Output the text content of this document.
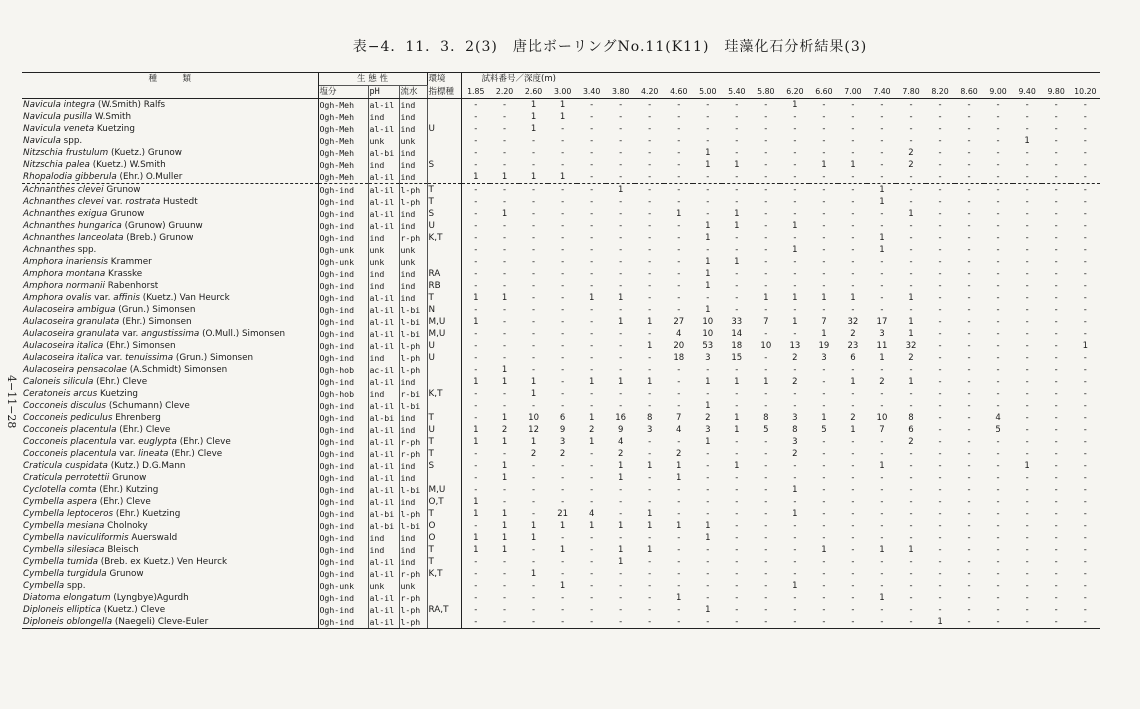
表−4．11．3．2(3)　唐比ボーリングNo.11(K11)　珪藻化石分析結果(3)
4−11−28
種　　　類	生 態 性			環境	試料番号／深度(m)																					
	塩分	pH	流水	指標種	1.85	2.20	2.60	3.00	3.40	3.80	4.20	4.60	5.00	5.40	5.80	6.20	6.60	7.00	7.40	7.80	8.20	8.60	9.00	9.40	9.80	10.20
Navicula integra (W.Smith) Ralfs	Ogh-Meh	al-il	ind		-	-	1	1	-	-	-	-	-	-	-	1	-	-	-	-	-	-	-	-	-	-
Navicula pusilla W.Smith	Ogh-Meh	ind	ind		-	-	1	1	-	-	-	-	-	-	-	-	-	-	-	-	-	-	-	-	-	-
Navicula veneta Kuetzing	Ogh-Meh	al-il	ind	U	-	-	1	-	-	-	-	-	-	-	-	-	-	-	-	-	-	-	-	-	-	-
Navicula spp.	Ogh-Meh	unk	unk		-	-	-	-	-	-	-	-	-	-	-	-	-	-	-	-	-	-	-	1	-	-
Nitzschia frustulum (Kuetz.) Grunow	Ogh-Meh	al-bi	ind		-	-	-	-	-	-	-	-	1	-	-	-	-	-	-	2	-	-	-	-	-	-
Nitzschia palea (Kuetz.) W.Smith	Ogh-Meh	ind	ind	S	-	-	-	-	-	-	-	-	1	1	-	-	1	1	-	2	-	-	-	-	-	-
Rhopalodia gibberula (Ehr.) O.Muller	Ogh-Meh	al-il	ind		1	1	1	1	-	-	-	-	-	-	-	-	-	-	-	-	-	-	-	-	-	-
Achnanthes clevei Grunow	Ogh-ind	al-il	l-ph	T	-	-	-	-	-	1	-	-	-	-	-	-	-	-	1	-	-	-	-	-	-	-
Achnanthes clevei var. rostrata Hustedt	Ogh-ind	al-il	l-ph	T	-	-	-	-	-	-	-	-	-	-	-	-	-	-	1	-	-	-	-	-	-	-
Achnanthes exigua Grunow	Ogh-ind	al-il	ind	S	-	1	-	-	-	-	-	1	-	1	-	-	-	-	-	1	-	-	-	-	-	-
Achnanthes hungarica (Grunow) Gruunw	Ogh-ind	al-il	ind	U	-	-	-	-	-	-	-	-	1	1	-	1	-	-	-	-	-	-	-	-	-	-
Achnanthes lanceolata (Breb.) Grunow	Ogh-ind	ind	r-ph	K,T	-	-	-	-	-	-	-	-	1	-	-	-	-	-	1	-	-	-	-	-	-	-
Achnanthes spp.	Ogh-unk	unk	unk		-	-	-	-	-	-	-	-	-	-	-	1	-	-	1	-	-	-	-	-	-	-
Amphora inariensis Krammer	Ogh-unk	unk	unk		-	-	-	-	-	-	-	-	1	1	-	-	-	-	-	-	-	-	-	-	-	-
Amphora montana Krasske	Ogh-ind	ind	ind	RA	-	-	-	-	-	-	-	-	1	-	-	-	-	-	-	-	-	-	-	-	-	-
Amphora normanii Rabenhorst	Ogh-ind	ind	ind	RB	-	-	-	-	-	-	-	-	1	-	-	-	-	-	-	-	-	-	-	-	-	-
Amphora ovalis var. affinis (Kuetz.) Van Heurck	Ogh-ind	al-il	ind	T	1	1	-	-	1	1	-	-	-	-	1	1	1	1	-	1	-	-	-	-	-	-
Aulacoseira ambigua (Grun.) Simonsen	Ogh-ind	al-il	l-bi	N	-	-	-	-	-	-	-	-	1	-	-	-	-	-	-	-	-	-	-	-	-	-
Aulacoseira granulata (Ehr.) Simonsen	Ogh-ind	al-il	l-bi	M,U	1	-	-	-	-	1	1	27	10	33	7	1	7	32	17	1	-	-	-	-	-	-
Aulacoseira granulata var. angustissima (O.Mull.) Simonsen	Ogh-ind	al-il	l-bi	M,U	-	-	-	-	-	-	-	4	10	14	-	-	1	2	3	1	-	-	-	-	-	-
Aulacoseira italica (Ehr.) Simonsen	Ogh-ind	al-il	l-ph	U	-	-	-	-	-	-	1	20	53	18	10	13	19	23	11	32	-	-	-	-	-	1
Aulacoseira italica var. tenuissima (Grun.) Simonsen	Ogh-ind	ind	l-ph	U	-	-	-	-	-	-	-	18	3	15	-	2	3	6	1	2	-	-	-	-	-	-
Aulacoseira pensacolae (A.Schmidt) Simonsen	Ogh-hob	ac-il	l-ph		-	1	-	-	-	-	-	-	-	-	-	-	-	-	-	-	-	-	-	-	-	-
Caloneis silicula (Ehr.) Cleve	Ogh-ind	al-il	ind		1	1	1	-	1	1	1	-	1	1	1	2	-	1	2	1	-	-	-	-	-	-
Ceratoneis arcus Kuetzing	Ogh-hob	ind	r-bi	K,T	-	-	1	-	-	-	-	-	-	-	-	-	-	-	-	-	-	-	-	-	-	-
Cocconeis disculus (Schumann) Cleve	Ogh-ind	al-il	l-bi		-	-	-	-	-	-	-	-	1	-	-	-	-	-	-	-	-	-	-	-	-	-
Cocconeis pediculus Ehrenberg	Ogh-ind	al-bi	ind	T	-	1	10	6	1	16	8	7	2	1	8	3	1	2	10	8	-	-	4	-	-	-
Cocconeis placentula (Ehr.) Cleve	Ogh-ind	al-il	ind	U	1	2	12	9	2	9	3	4	3	1	5	8	5	1	7	6	-	-	5	-	-	-
Cocconeis placentula var. euglypta (Ehr.) Cleve	Ogh-ind	al-il	r-ph	T	1	1	1	3	1	4	-	-	1	-	-	3	-	-	-	2	-	-	-	-	-	-
Cocconeis placentula var. lineata (Ehr.) Cleve	Ogh-ind	al-il	r-ph	T	-	-	2	2	-	2	-	2	-	-	-	2	-	-	-	-	-	-	-	-	-	-
Craticula cuspidata (Kutz.) D.G.Mann	Ogh-ind	al-il	ind	S	-	1	-	-	-	1	1	1	-	1	-	-	-	-	1	-	-	-	-	1	-	-
Craticula perrotettii Grunow	Ogh-ind	al-il	ind		-	1	-	-	-	1	-	1	-	-	-	-	-	-	-	-	-	-	-	-	-	-
Cyclotella comta (Ehr.) Kutzing	Ogh-ind	al-il	l-bi	M,U	-	-	-	-	-	-	-	-	-	-	-	1	-	-	-	-	-	-	-	-	-	-
Cymbella aspera (Ehr.) Cleve	Ogh-ind	al-il	ind	O,T	1	-	-	-	-	-	-	-	-	-	-	-	-	-	-	-	-	-	-	-	-	-
Cymbella leptoceros (Ehr.) Kuetzing	Ogh-ind	al-bi	l-ph	T	1	1	-	21	4	-	1	-	-	-	-	1	-	-	-	-	-	-	-	-	-	-
Cymbella mesiana Cholnoky	Ogh-ind	al-bi	l-bi	O	-	1	1	1	1	1	1	1	1	-	-	-	-	-	-	-	-	-	-	-	-	-
Cymbella naviculiformis Auerswald	Ogh-ind	ind	ind	O	1	1	1	-	-	-	-	-	1	-	-	-	-	-	-	-	-	-	-	-	-	-
Cymbella silesiaca Bleisch	Ogh-ind	ind	ind	T	1	1	-	1	-	1	1	-	-	-	-	-	1	-	1	1	-	-	-	-	-	-
Cymbella tumida (Breb. ex Kuetz.) Ven Heurck	Ogh-ind	al-il	ind	T	-	-	-	-	-	1	-	-	-	-	-	-	-	-	-	-	-	-	-	-	-	-
Cymbella turgidula Grunow	Ogh-ind	al-il	r-ph	K,T	-	-	1	-	-	-	-	-	-	-	-	-	-	-	-	-	-	-	-	-	-	-
Cymbella spp.	Ogh-unk	unk	unk		-	-	-	1	-	-	-	-	-	-	-	1	-	-	-	-	-	-	-	-	-	-
Diatoma elongatum (Lyngbye)Agurdh	Ogh-ind	al-il	r-ph		-	-	-	-	-	-	-	1	-	-	-	-	-	-	1	-	-	-	-	-	-	-
Diploneis elliptica (Kuetz.) Cleve	Ogh-ind	al-il	l-ph	RA,T	-	-	-	-	-	-	-	-	1	-	-	-	-	-	-	-	-	-	-	-	-	-
Diploneis oblongella (Naegeli) Cleve-Euler	Ogh-ind	al-il	l-ph		-	-	-	-	-	-	-	-	-	-	-	-	-	-	-	-	1	-	-	-	-	-
